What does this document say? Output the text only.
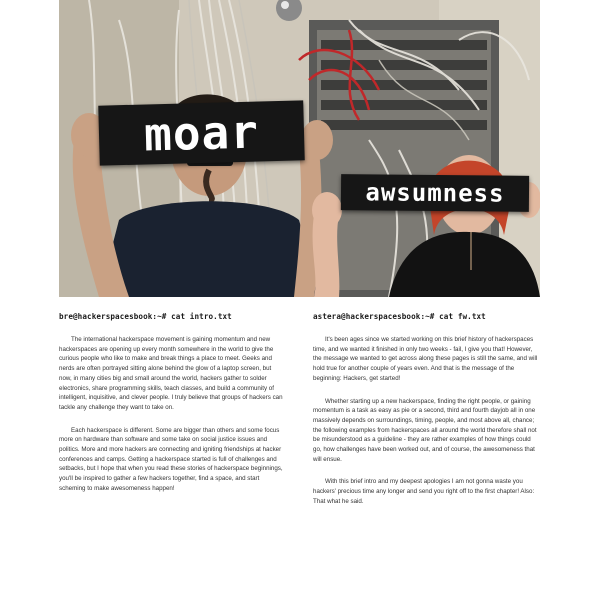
moar
awsumness
bre@hackerspacesbook:~# cat intro.txt

The international hackerspace movement is gaining momentum and new hackerspaces are opening up every month somewhere in the world to give the curious people who like to make and break things a place to meet. Geeks and nerds are often portrayed sitting alone behind the glow of a laptop screen, but now, in many cities big and small around the world, hackers gather to solder electronics, share programming skills, teach classes, and build a community of intelligent, inquisitive, and clever people. I truly believe that groups of hackers can tackle any challenge they want to take on.

Each hackerspace is different. Some are bigger than others and some focus more on hardware than software and some take on social justice issues and politics. More and more hackers are connecting and igniting friendships at hacker conferences and camps. Getting a hackerspace started is full of challenges and setbacks, but I hope that when you read these stories of hackerspace beginnings, you'll be inspired to gather a few hackers together, find a space, and start scheming to make awesomeness happen!

astera@hackerspacesbook:~# cat fw.txt

It's been ages since we started working on this brief history of hackerspaces time, and we wanted it finished in only two weeks - fail, I give you that! However, the message we wanted to get across along these pages is still the same, and will hold true for another couple of years even. And that is the message of the beginning: Hackers, get started!

Whether starting up a new hackerspace, finding the right people, or gaining momentum is a task as easy as pie or a second, third and fourth dayjob all in one massively depends on surroundings, timing, people, and most above all, chance; the following examples from hackerspaces all around the world therefore shall not be misunderstood as a guideline - they are rather examples of how things could go, how challenges have been worked out, and of course, the awesomeness that will ensue.

With this brief intro and my deepest apologies I am not gonna waste you hackers' precious time any longer and send you right off to the first chapter! Also: That what he said.
